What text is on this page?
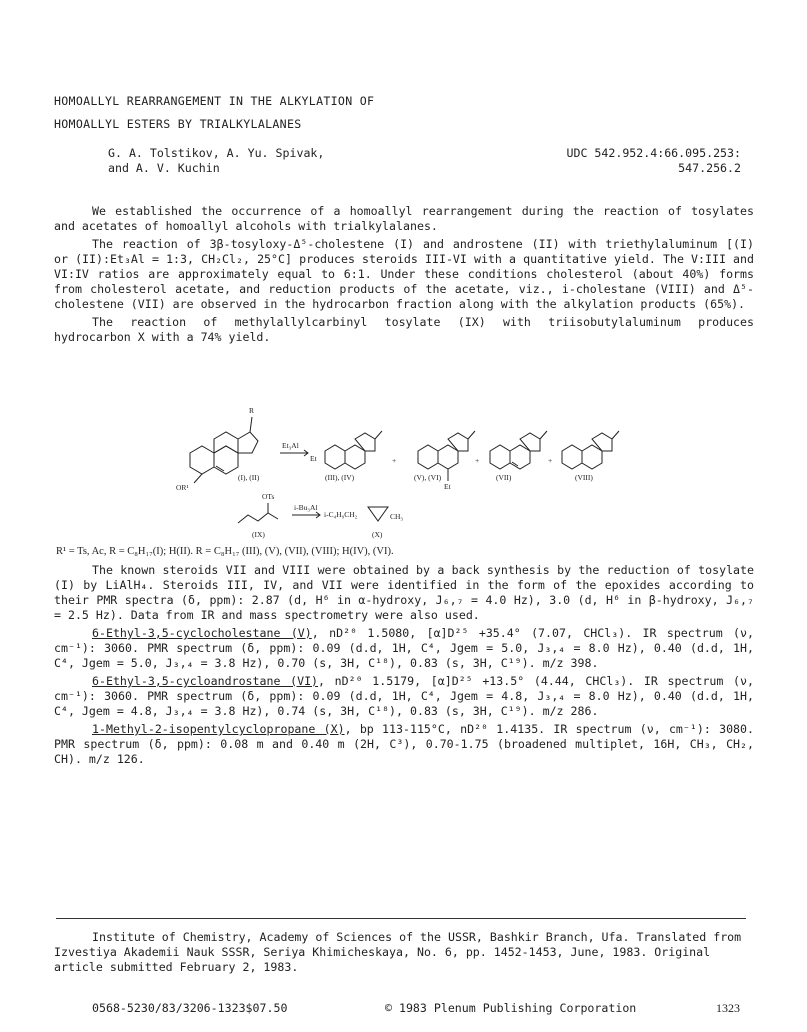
HOMOALLYL REARRANGEMENT IN THE ALKYLATION OF
HOMOALLYL ESTERS BY TRIALKYLALANES
G. A. Tolstikov, A. Yu. Spivak,
and A. V. Kuchin
UDC 542.952.4:66.095.253:
547.256.2

We established the occurrence of a homoallyl rearrangement during the reaction of tosylates and acetates of homoallyl alcohols with trialkylalanes.

The reaction of 3β-tosyloxy-Δ⁵-cholestene (I) and androstene (II) with triethylaluminum [(I) or (II):Et₃Al = 1:3, CH₂Cl₂, 25°C] produces steroids III-VI with a quantitative yield. The V:III and VI:IV ratios are approximately equal to 6:1. Under these conditions cholesterol (about 40%) forms from cholesterol acetate, and reduction products of the acetate, viz., i-cholestane (VIII) and Δ⁵-cholestene (VII) are observed in the hydrocarbon fraction along with the alkylation products (65%).

The reaction of methylallylcarbinyl tosylate (IX) with triisobutylaluminum produces hydrocarbon X with a 74% yield.

R
OR¹
Et₃Al
Et
Et
+	+	+
(I), (II)	(III), (IV)	(V), (VI)	(VII)	(VIII)
OTs
i-Bu₃Al
i-C₄H₉CH₂	CH₃
(IX)	(X)
R¹ = Ts, Ac, R = C₈H₁₇(I); H(II). R = C₈H₁₇ (III), (V), (VII), (VIII); H(IV), (VI).

The known steroids VII and VIII were obtained by a back synthesis by the reduction of tosylate (I) by LiAlH₄. Steroids III, IV, and VII were identified in the form of the epoxides according to their PMR spectra (δ, ppm): 2.87 (d, H⁶ in α-hydroxy, J₆,₇ = 4.0 Hz), 3.0 (d, H⁶ in β-hydroxy, J₆,₇ = 2.5 Hz). Data from IR and mass spectrometry were also used.

6-Ethyl-3,5-cyclocholestane (V), nD²⁰ 1.5080, [α]D²⁵ +35.4° (7.07, CHCl₃). IR spectrum (ν, cm⁻¹): 3060. PMR spectrum (δ, ppm): 0.09 (d.d, 1H, C⁴, Jgem = 5.0, J₃,₄ = 8.0 Hz), 0.40 (d.d, 1H, C⁴, Jgem = 5.0, J₃,₄ = 3.8 Hz), 0.70 (s, 3H, C¹⁸), 0.83 (s, 3H, C¹⁹). m/z 398.

6-Ethyl-3,5-cycloandrostane (VI), nD²⁰ 1.5179, [α]D²⁵ +13.5° (4.44, CHCl₃). IR spectrum (ν, cm⁻¹): 3060. PMR spectrum (δ, ppm): 0.09 (d.d, 1H, C⁴, Jgem = 4.8, J₃,₄ = 8.0 Hz), 0.40 (d.d, 1H, C⁴, Jgem = 4.8, J₃,₄ = 3.8 Hz), 0.74 (s, 3H, C¹⁸), 0.83 (s, 3H, C¹⁹). m/z 286.

1-Methyl-2-isopentylcyclopropane (X), bp 113-115°C, nD²⁰ 1.4135. IR spectrum (ν, cm⁻¹): 3080. PMR spectrum (δ, ppm): 0.08 m and 0.40 m (2H, C³), 0.70-1.75 (broadened multiplet, 16H, CH₃, CH₂, CH). m/z 126.

Institute of Chemistry, Academy of Sciences of the USSR, Bashkir Branch, Ufa. Translated from Izvestiya Akademii Nauk SSSR, Seriya Khimicheskaya, No. 6, pp. 1452-1453, June, 1983. Original article submitted February 2, 1983.

0568-5230/83/3206-1323$07.50	© 1983 Plenum Publishing Corporation	1323
